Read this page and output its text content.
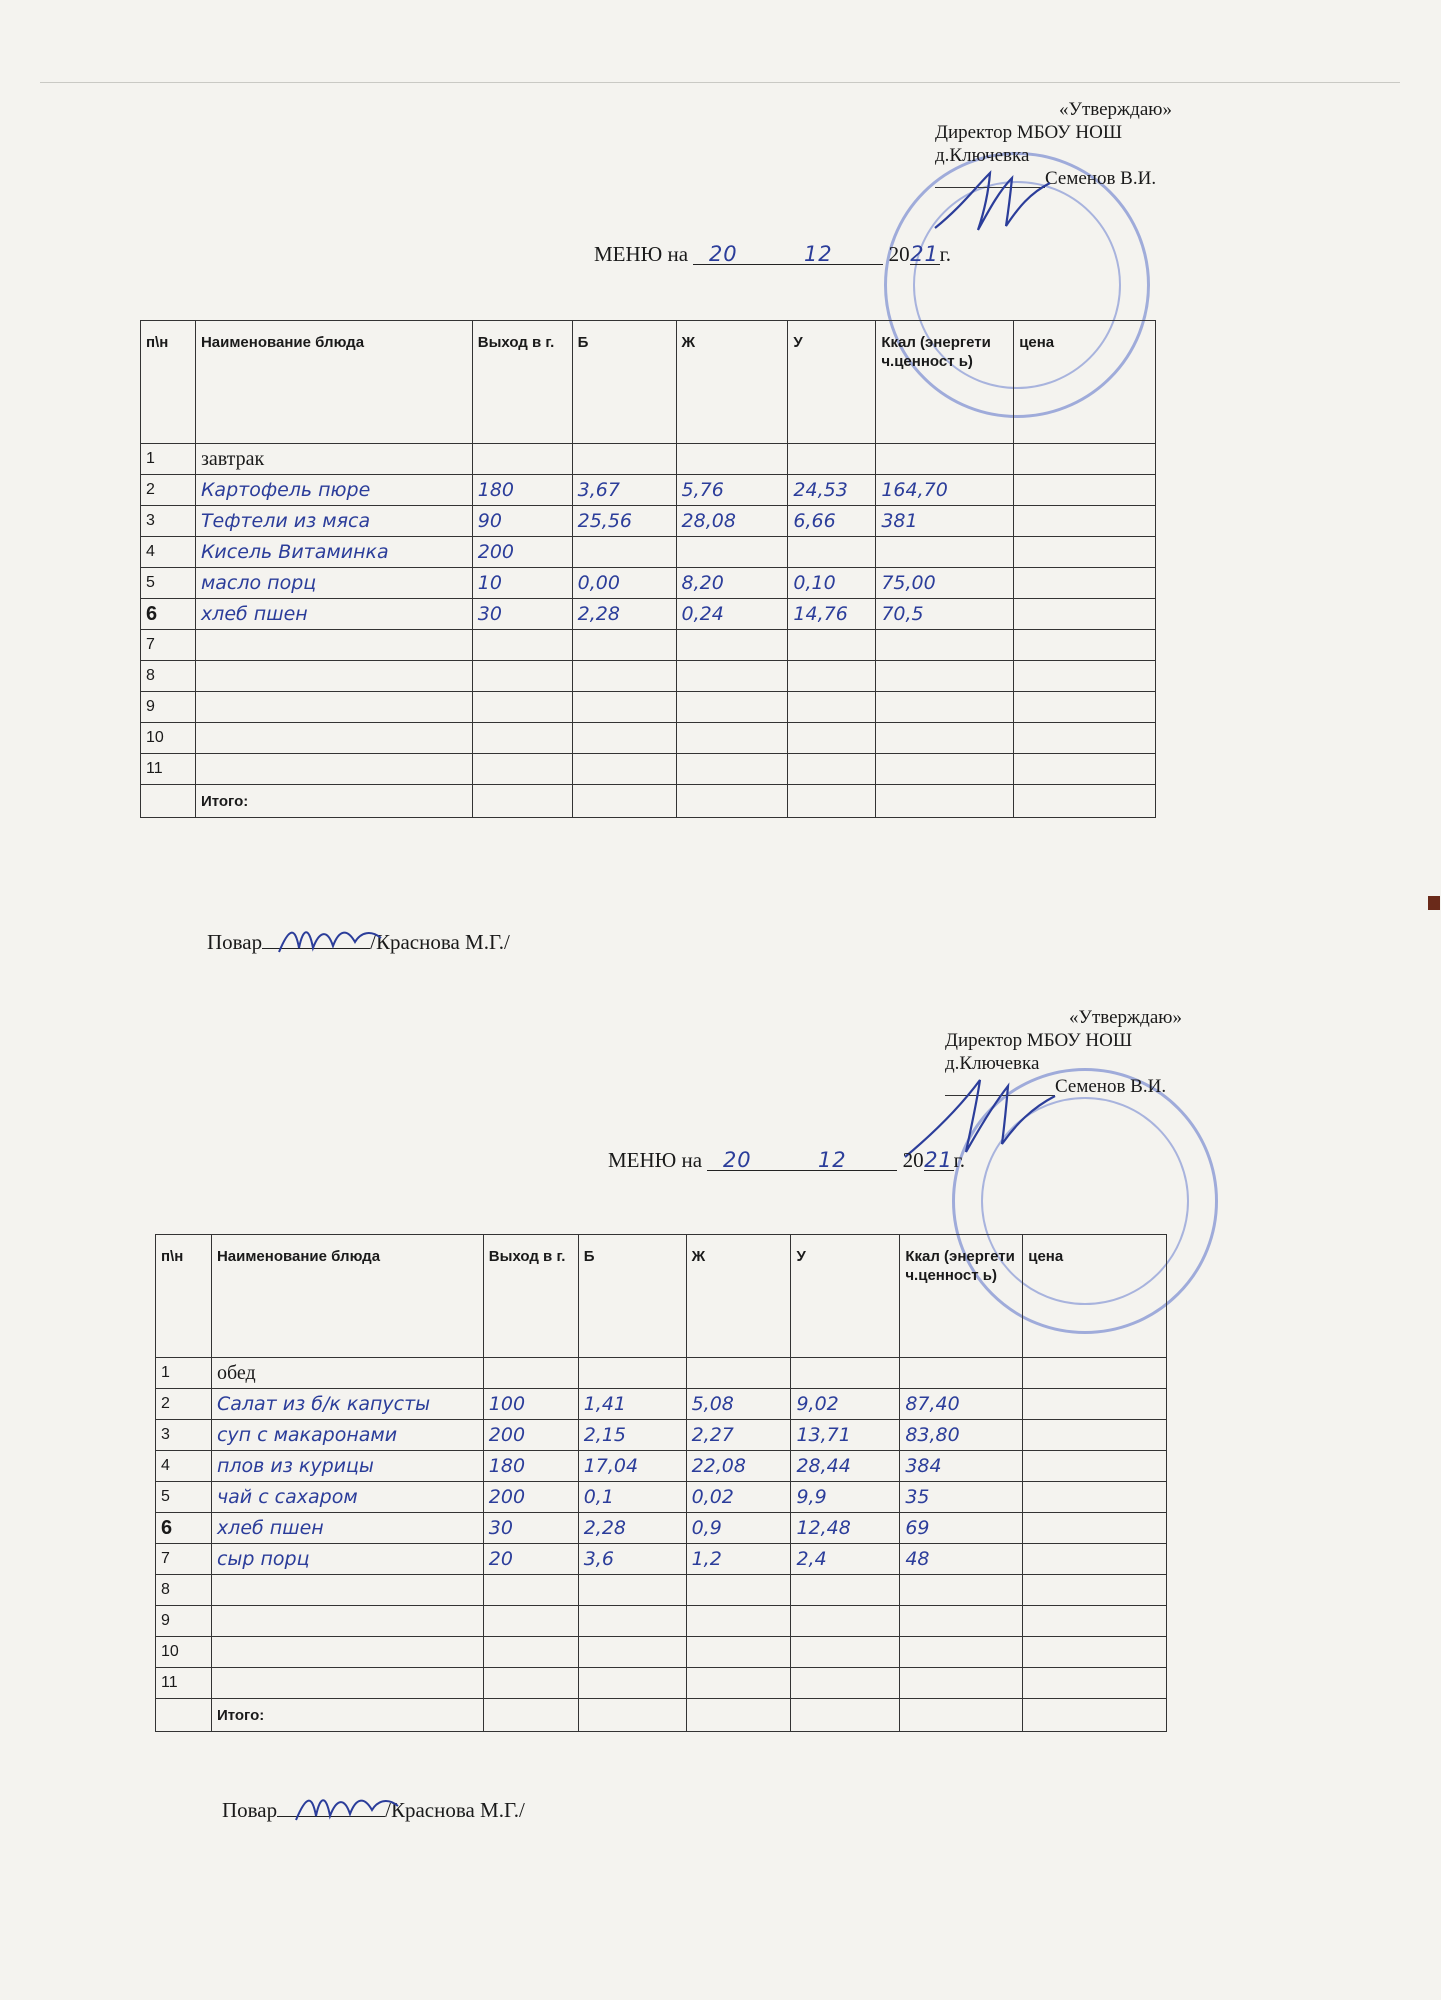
«Утверждаю»
Директор МБОУ НОШ
д.Ключевка
Семенов В.И.
МЕНЮ на 20	12	2021г.
п\н	Наименование блюда	Выход в г.	Б	Ж	У	Ккал (энергети ч.ценност ь)	цена
1	завтрак						
2	Картофель пюре	180	3,67	5,76	24,53	164,70	
3	Тефтели из мяса	90	25,56	28,08	6,66	381	
4	Кисель Витаминка	200					
5	масло порц	10	0,00	8,20	0,10	75,00	
6	хлеб пшен	30	2,28	0,24	14,76	70,5	
7							
8							
9							
10							
11							
	Итого:						
Повар	/Краснова М.Г./
«Утверждаю»
Директор МБОУ НОШ
д.Ключевка
Семенов В.И.
МЕНЮ на 20	12	2021г.
п\н	Наименование блюда	Выход в г.	Б	Ж	У	Ккал (энергети ч.ценност ь)	цена
1	обед						
2	Салат из б/к капусты	100	1,41	5,08	9,02	87,40	
3	суп с макаронами	200	2,15	2,27	13,71	83,80	
4	плов из курицы	180	17,04	22,08	28,44	384	
5	чай с сахаром	200	0,1	0,02	9,9	35	
6	хлеб пшен	30	2,28	0,9	12,48	69	
7	сыр порц	20	3,6	1,2	2,4	48	
8							
9							
10							
11							
	Итого:						
Повар	/Краснова М.Г./
